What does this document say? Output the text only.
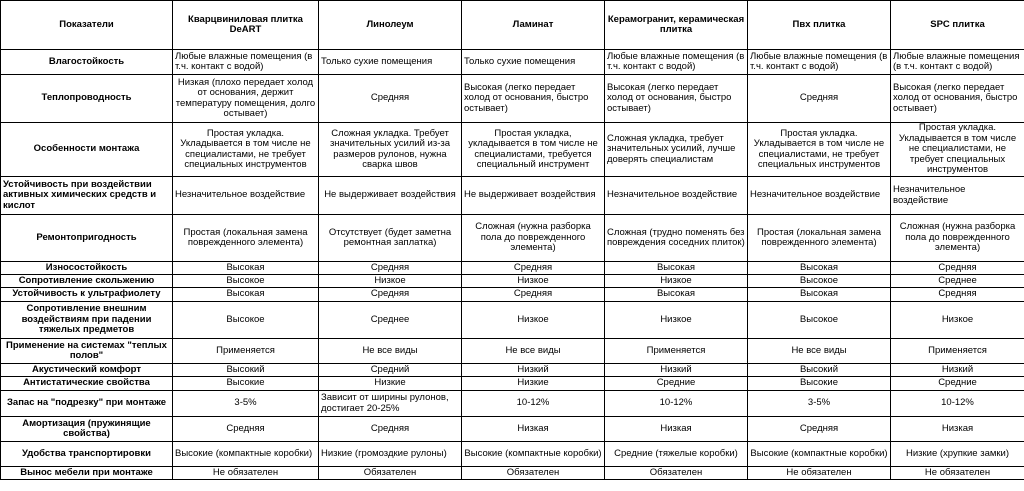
Показатели	Кварцвиниловая плитка DeART	Линолеум	Ламинат	Керамогранит, керамическая плитка	Пвх плитка	SPC плитка
Влагостойкость	Любые влажные помещения (в т.ч. контакт с водой)	Только сухие помещения	Только сухие помещения	Любые влажные помещения (в т.ч. контакт с водой)	Любые влажные помещения (в т.ч. контакт с водой)	Любые влажные помещения (в т.ч. контакт с водой)
Теплопроводность	Низкая (плохо передает холод от основания, держит температуру помещения, долго остывает)	Средняя	Высокая (легко передает холод от основания, быстро остывает)	Высокая (легко передает холод от основания, быстро остывает)	Средняя	Высокая (легко передает холод от основания, быстро остывает)
Особенности монтажа	Простая укладка. Укладывается в том числе не специалистами, не требует специальных инструментов	Сложная укладка. Требует значительных усилий из-за размеров рулонов, нужна сварка швов	Простая укладка, укладывается в том числе не специалистами, требуется специальный инструмент	Сложная укладка, требует значительных усилий, лучше доверять специалистам	Простая укладка. Укладывается в том числе не специалистами, не требует специальных инструментов	Простая укладка. Укладывается в том числе не специалистами, не требует специальных инструментов
Устойчивость при воздействии активных химических средств и кислот	Незначительное воздействие	Не выдерживает воздействия	Не выдерживает воздействия	Незначительное воздействие	Незначительное воздействие	Незначительное воздействие
Ремонтопригодность	Простая (локальная замена поврежденного элемента)	Отсутствует (будет заметна ремонтная заплатка)	Сложная (нужна разборка пола до поврежденного элемента)	Сложная (трудно поменять без повреждения соседних плиток)	Простая (локальная замена поврежденного элемента)	Сложная (нужна разборка пола до поврежденного элемента)
Износостойкость	Высокая	Средняя	Средняя	Высокая	Высокая	Средняя
Сопротивление скольжению	Высокое	Низкое	Низкое	Низкое	Высокое	Среднее
Устойчивость к ультрафиолету	Высокая	Средняя	Средняя	Высокая	Высокая	Средняя
Сопротивление внешним воздействиям при падении тяжелых предметов	Высокое	Среднее	Низкое	Низкое	Высокое	Низкое
Применение на системах "теплых полов"	Применяется	Не все виды	Не все виды	Применяется	Не все виды	Применяется
Акустический комфорт	Высокий	Средний	Низкий	Низкий	Высокий	Низкий
Антистатические свойства	Высокие	Низкие	Низкие	Средние	Высокие	Средние
Запас на "подрезку" при монтаже	3-5%	Зависит от ширины рулонов, достигает 20-25%	10-12%	10-12%	3-5%	10-12%
Амортизация (пружинящие свойства)	Средняя	Средняя	Низкая	Низкая	Средняя	Низкая
Удобства транспортировки	Высокие (компактные коробки)	Низкие (громоздкие рулоны)	Высокие (компактные коробки)	Средние (тяжелые коробки)	Высокие (компактные коробки)	Низкие (хрупкие замки)
Вынос мебели при монтаже	Не обязателен	Обязателен	Обязателен	Обязателен	Не обязателен	Не обязателен
